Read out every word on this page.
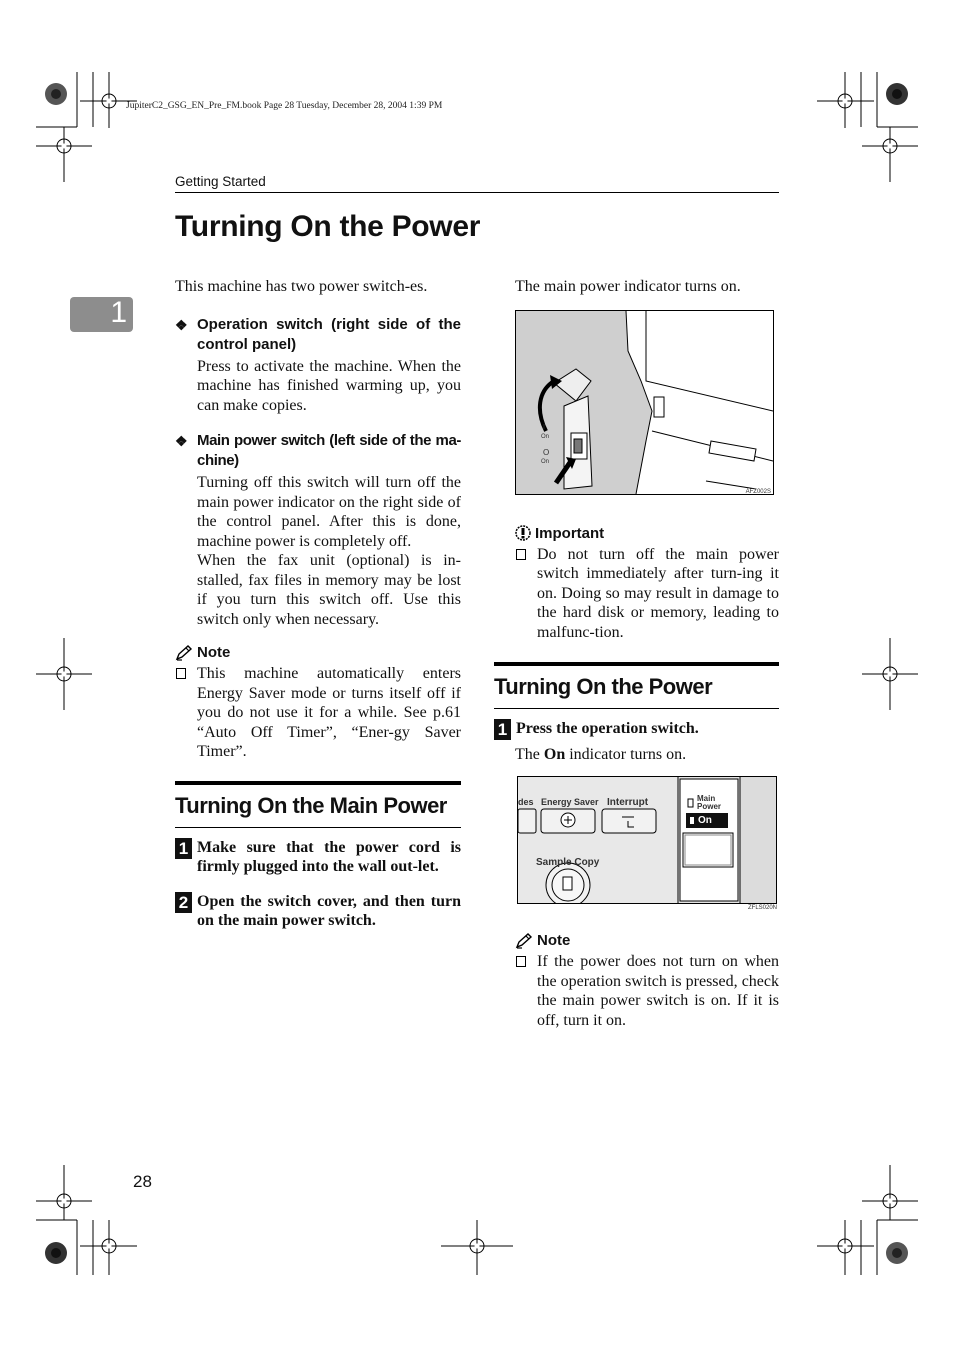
JupiterC2_GSG_EN_Pre_FM.book Page 28 Tuesday, December 28, 2004 1:39 PM
Getting Started
Turning On the Power
1

This machine has two power switch-es.

❖ Operation switch (right side of the control panel)

Press to activate the machine. When the machine has finished warming up, you can make copies.

❖ Main power switch (left side of the ma-chine)

Turning off this switch will turn off the main power indicator on the right side of the control panel. After this is done, machine power is completely off.

When the fax unit (optional) is in-stalled, fax files in memory may be lost if you turn this switch off. Use this switch only when necessary.

Note

This machine automatically enters Energy Saver mode or turns itself off if you do not use it for a while. See p.61 “Auto Off Timer”, “Ener-gy Saver Timer”.

Turning On the Main Power
1 Make sure that the power cord is firmly plugged into the wall out-let.
2 Open the switch cover, and then turn on the main power switch.

The main power indicator turns on.

I
On
O
On
AFZ002S
Important

Do not turn off the main power switch immediately after turn-ing it on. Doing so may result in damage to the hard disk or memory, leading to malfunc-tion.

Turning On the Power
1 Press the operation switch.

The On indicator turns on.

des Energy Saver Interrupt	Main Power
On
Sample Copy
ZFLS020N
Note

If the power does not turn on when the operation switch is pressed, check the main power switch is on. If it is off, turn it on.

28
